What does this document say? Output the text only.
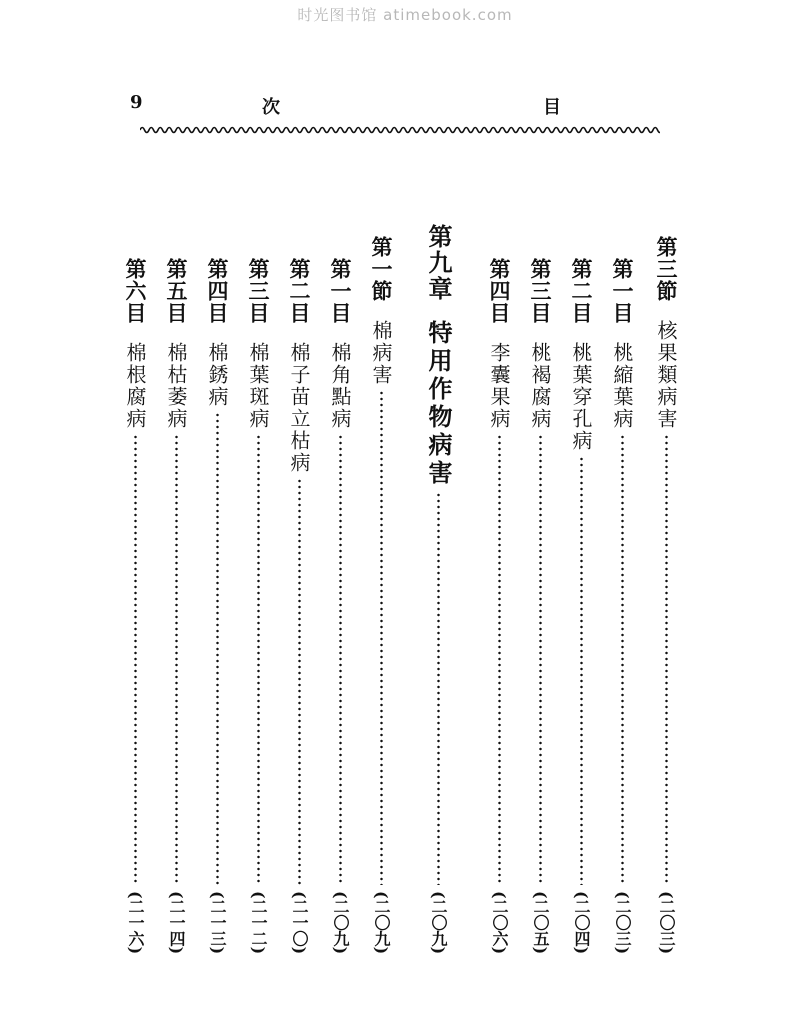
时光图书馆 atimebook.com
9	次	目
第三節
核果類病害
(二〇三)
第一目
桃縮葉病
(二〇三)
第二目
桃葉穿孔病
(二〇四)
第三目
桃褐腐病
(二〇五)
第四目
李囊果病
(二〇六)
第九章
特用作物病害
(二〇九)
第一節
棉病害
(二〇九)
第一目
棉角點病
(二〇九)
第二目
棉子苗立枯病
(二一〇)
第三目
棉葉斑病
(二一二)
第四目
棉銹病
(二一三)
第五目
棉枯萎病
(二一四)
第六目
棉根腐病
(二一六)
